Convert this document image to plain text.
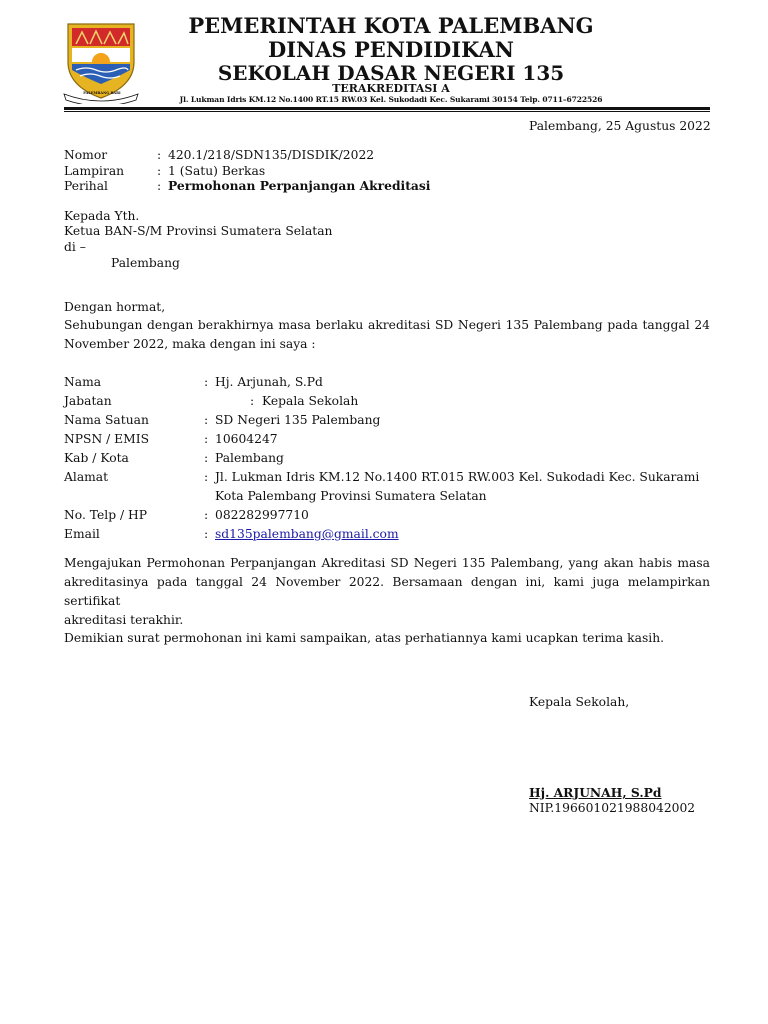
PALEMBANG BARI
PEMERINTAH KOTA PALEMBANG
DINAS PENDIDIKAN
SEKOLAH DASAR NEGERI 135
TERAKREDITASI A
Jl. Lukman Idris KM.12 No.1400 RT.15 RW.03 Kel. Sukodadi Kec. Sukarami 30154 Telp. 0711–6722526
Palembang, 25 Agustus 2022
Nomor	: 420.1/218/SDN135/DISDIK/2022
Lampiran	: 1 (Satu) Berkas
Perihal	: Permohonan Perpanjangan Akreditasi
Kepada Yth.
Ketua BAN-S/M Provinsi Sumatera Selatan
di –
Palembang
Dengan hormat,
Sehubungan dengan berakhirnya masa berlaku akreditasi SD Negeri 135 Palembang pada tanggal 24
November 2022, maka dengan ini saya :
Nama	: Hj. Arjunah, S.Pd
Jabatan	: Kepala Sekolah
Nama Satuan	: SD Negeri 135 Palembang
NPSN / EMIS	: 10604247
Kab / Kota	: Palembang
Alamat	: Jl. Lukman Idris KM.12 No.1400 RT.015 RW.003 Kel. Sukodadi Kec. Sukarami
Kota Palembang Provinsi Sumatera Selatan
No. Telp / HP	: 082282997710
Email	: sd135palembang@gmail.com
Mengajukan Permohonan Perpanjangan Akreditasi SD Negeri 135 Palembang, yang akan habis masa
akreditasinya pada tanggal 24 November 2022. Bersamaan dengan ini, kami juga melampirkan sertifikat
akreditasi terakhir.
Demikian surat permohonan ini kami sampaikan, atas perhatiannya kami ucapkan terima kasih.
Kepala Sekolah,
Hj. ARJUNAH, S.Pd
NIP.196601021988042002
